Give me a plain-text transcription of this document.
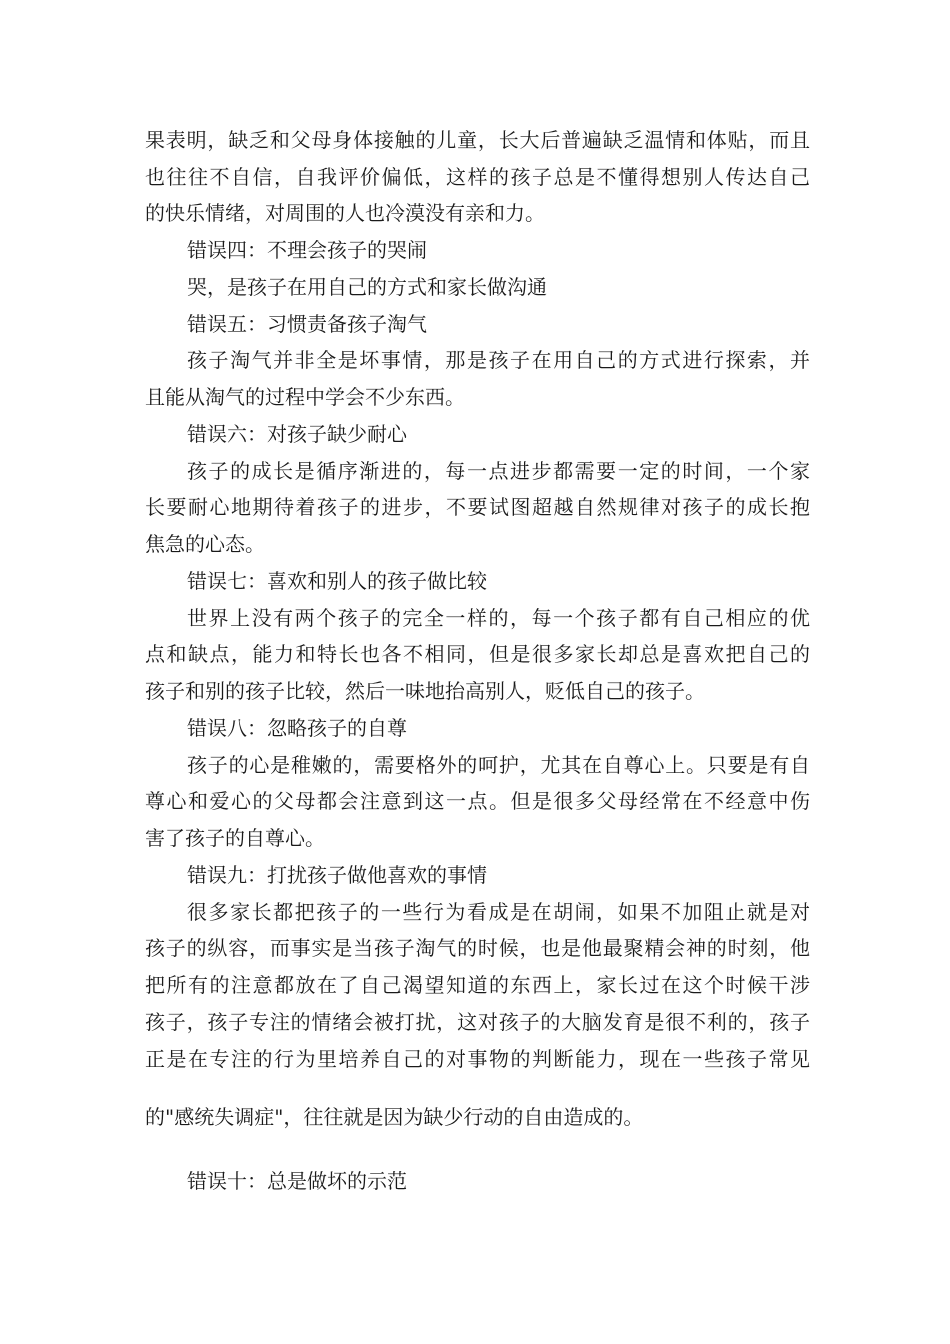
果表明，缺乏和父母身体接触的儿童，长大后普遍缺乏温情和体贴，而且
也往往不自信，自我评价偏低，这样的孩子总是不懂得想别人传达自己
的快乐情绪，对周围的人也冷漠没有亲和力。
错误四：不理会孩子的哭闹
哭，是孩子在用自己的方式和家长做沟通
错误五：习惯责备孩子淘气
孩子淘气并非全是坏事情，那是孩子在用自己的方式进行探索，并
且能从淘气的过程中学会不少东西。
错误六：对孩子缺少耐心
孩子的成长是循序渐进的，每一点进步都需要一定的时间，一个家
长要耐心地期待着孩子的进步，不要试图超越自然规律对孩子的成长抱
焦急的心态。
错误七：喜欢和别人的孩子做比较
世界上没有两个孩子的完全一样的，每一个孩子都有自己相应的优
点和缺点，能力和特长也各不相同，但是很多家长却总是喜欢把自己的
孩子和别的孩子比较，然后一味地抬高别人，贬低自己的孩子。
错误八：忽略孩子的自尊
孩子的心是稚嫩的，需要格外的呵护，尤其在自尊心上。只要是有自
尊心和爱心的父母都会注意到这一点。但是很多父母经常在不经意中伤
害了孩子的自尊心。
错误九：打扰孩子做他喜欢的事情
很多家长都把孩子的一些行为看成是在胡闹，如果不加阻止就是对
孩子的纵容，而事实是当孩子淘气的时候，也是他最聚精会神的时刻，他
把所有的注意都放在了自己渴望知道的东西上，家长过在这个时候干涉
孩子，孩子专注的情绪会被打扰，这对孩子的大脑发育是很不利的，孩子
正是在专注的行为里培养自己的对事物的判断能力，现在一些孩子常见
的"感统失调症"，往往就是因为缺少行动的自由造成的。
错误十：总是做坏的示范
